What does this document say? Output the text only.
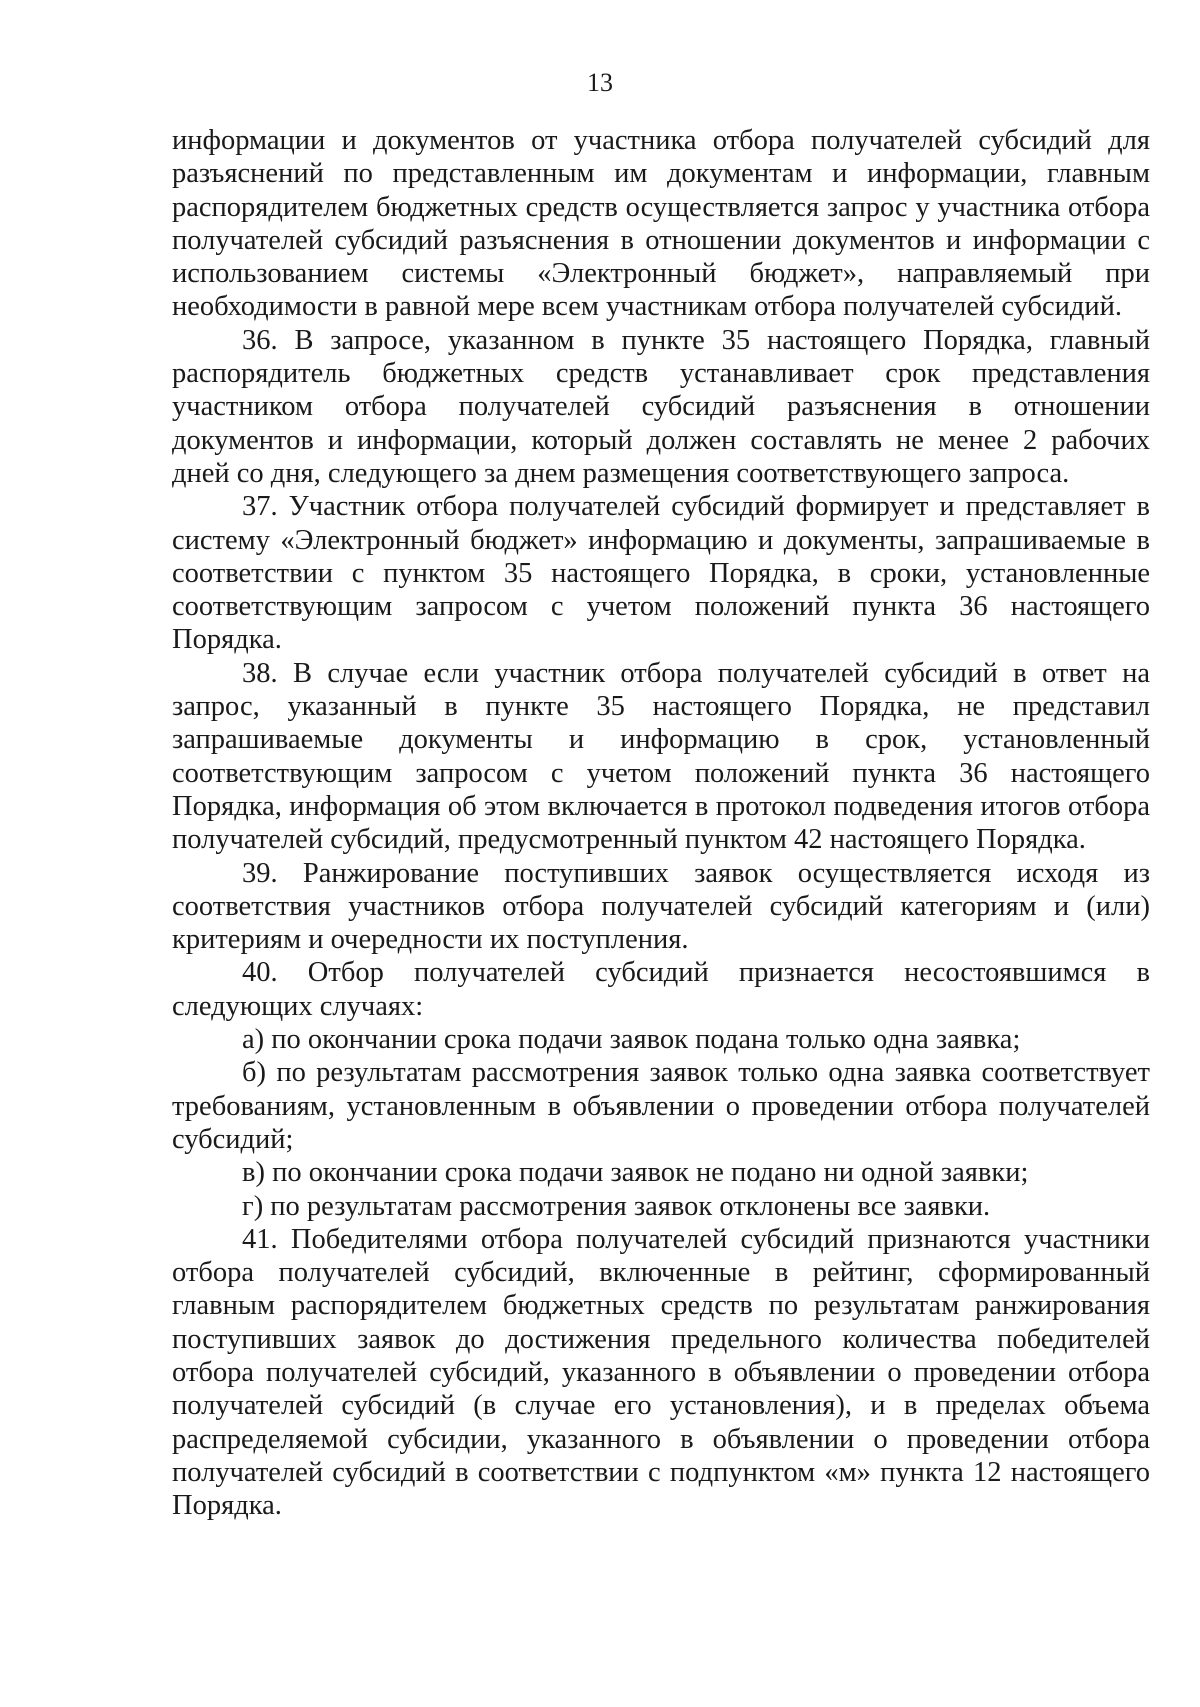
13

информации и документов от участника отбора получателей субсидий для разъяснений по представленным им документам и информации, главным распорядителем бюджетных средств осуществляется запрос у участника отбора получателей субсидий разъяснения в отношении документов и информации с использованием системы «Электронный бюджет», направляемый при необходимости в равной мере всем участникам отбора получателей субсидий.

36. В запросе, указанном в пункте 35 настоящего Порядка, главный распорядитель бюджетных средств устанавливает срок представления участником отбора получателей субсидий разъяснения в отношении документов и информации, который должен составлять не менее 2 рабочих дней со дня, следующего за днем размещения соответствующего запроса.

37. Участник отбора получателей субсидий формирует и представляет в систему «Электронный бюджет» информацию и документы, запрашиваемые в соответствии с пунктом 35 настоящего Порядка, в сроки, установленные соответствующим запросом с учетом положений пункта 36 настоящего Порядка.

38. В случае если участник отбора получателей субсидий в ответ на запрос, указанный в пункте 35 настоящего Порядка, не представил запрашиваемые документы и информацию в срок, установленный соответствующим запросом с учетом положений пункта 36 настоящего Порядка, информация об этом включается в протокол подведения итогов отбора получателей субсидий, предусмотренный пунктом 42 настоящего Порядка.

39. Ранжирование поступивших заявок осуществляется исходя из соответствия участников отбора получателей субсидий категориям и (или) критериям и очередности их поступления.

40. Отбор получателей субсидий признается несостоявшимся в следующих случаях:

а) по окончании срока подачи заявок подана только одна заявка;

б) по результатам рассмотрения заявок только одна заявка соответствует требованиям, установленным в объявлении о проведении отбора получателей субсидий;

в) по окончании срока подачи заявок не подано ни одной заявки;

г) по результатам рассмотрения заявок отклонены все заявки.

41. Победителями отбора получателей субсидий признаются участники отбора получателей субсидий, включенные в рейтинг, сформированный главным распорядителем бюджетных средств по результатам ранжирования поступивших заявок до достижения предельного количества победителей отбора получателей субсидий, указанного в объявлении о проведении отбора получателей субсидий (в случае его установления), и в пределах объема распределяемой субсидии, указанного в объявлении о проведении отбора получателей субсидий в соответствии с подпунктом «м» пункта 12 настоящего Порядка.
